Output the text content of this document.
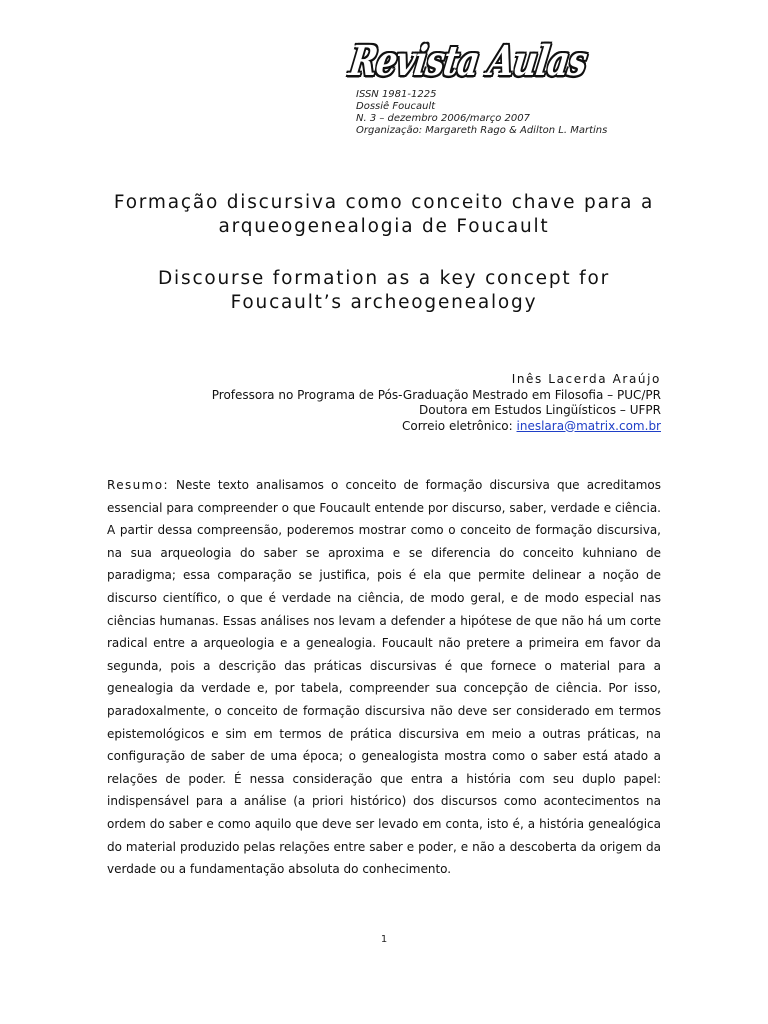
Revista Aulas
ISSN 1981-1225
Dossiê Foucault
N. 3 – dezembro 2006/março 2007
Organização: Margareth Rago & Adilton L. Martins
Formação discursiva como conceito chave para a
arqueogenealogia de Foucault
Discourse formation as a key concept for
Foucault’s archeogenealogy
Inês Lacerda Araújo
Professora no Programa de Pós-Graduação Mestrado em Filosofia – PUC/PR
Doutora em Estudos Lingüísticos – UFPR
Correio eletrônico: ineslara@matrix.com.br
Resumo: Neste texto analisamos o conceito de formação discursiva que acreditamos essencial para compreender o que Foucault entende por discurso, saber, verdade e ciência. A partir dessa compreensão, poderemos mostrar como o conceito de formação discursiva, na sua arqueologia do saber se aproxima e se diferencia do conceito kuhniano de paradigma; essa comparação se justifica, pois é ela que permite delinear a noção de discurso científico, o que é verdade na ciência, de modo geral, e de modo especial nas ciências humanas. Essas análises nos levam a defender a hipótese de que não há um corte radical entre a arqueologia e a genealogia. Foucault não pretere a primeira em favor da segunda, pois a descrição das práticas discursivas é que fornece o material para a genealogia da verdade e, por tabela, compreender sua concepção de ciência. Por isso, paradoxalmente, o conceito de formação discursiva não deve ser considerado em termos epistemológicos e sim em termos de prática discursiva em meio a outras práticas, na configuração de saber de uma época; o genealogista mostra como o saber está atado a relações de poder. É nessa consideração que entra a história com seu duplo papel: indispensável para a análise (a priori histórico) dos discursos como acontecimentos na ordem do saber e como aquilo que deve ser levado em conta, isto é, a história genealógica do material produzido pelas relações entre saber e poder, e não a descoberta da origem da verdade ou a fundamentação absoluta do conhecimento.
1
